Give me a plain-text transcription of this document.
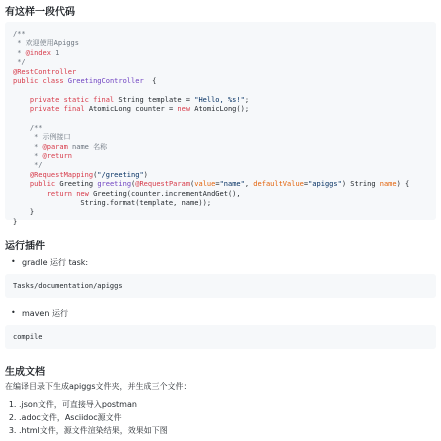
有这样一段代码
/**
* 欢迎使用Apiggs
* @index 1
*/
@RestController
public class GreetingController  {
private static final String template = "Hello, %s!";
private final AtomicLong counter = new AtomicLong();
/**
* 示例接口
* @param name 名称
* @return
*/
@RequestMapping("/greeting")
public Greeting greeting(@RequestParam(value="name", defaultValue="apiggs") String name) {
return new Greeting(counter.incrementAndGet(),
String.format(template, name));
}
}
运行插件
• gradle 运行 task:
Tasks/documentation/apiggs
• maven 运行
compile
生成文档
在编译目录下生成apiggs文件夹，并生成三个文件：
1. .json文件，可直接导入postman
2. .adoc文件，Asciidoc源文件
3. .html文件，源文件渲染结果，效果如下图
